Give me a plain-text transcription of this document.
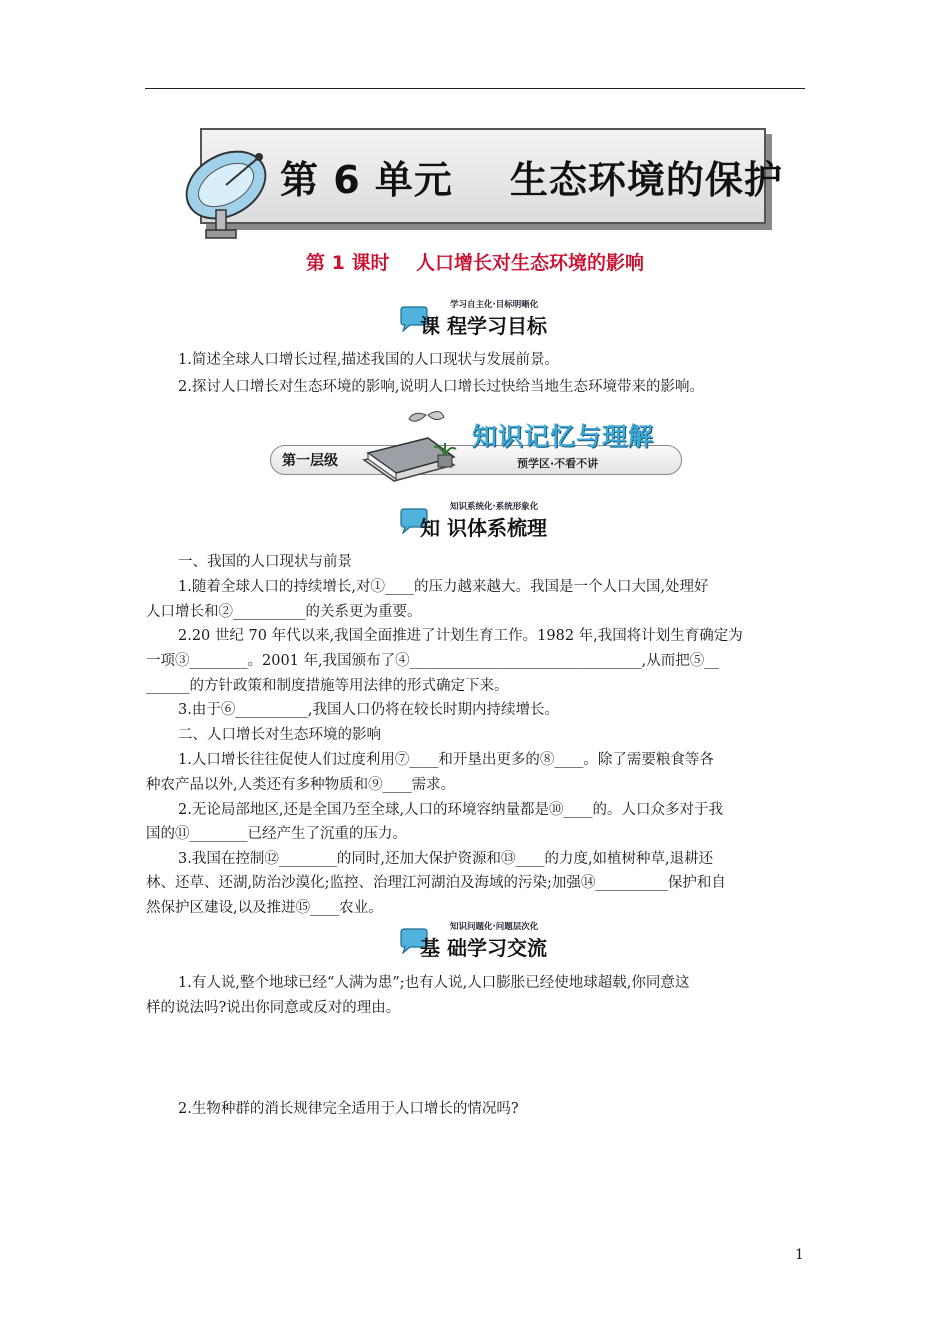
第 6 单元    生态环境的保护
第 1 课时    人口增长对生态环境的影响
学习自主化·目标明晰化
课 程学习目标
1.简述全球人口增长过程,描述我国的人口现状与发展前景。
2.探讨人口增长对生态环境的影响,说明人口增长过快给当地生态环境带来的影响。
第一层级
知识记忆与理解
预学区·不看不讲
知识系统化·系统形象化
知 识体系梳理
一、我国的人口现状与前景
1.随着全球人口的持续增长,对①____的压力越来越大。我国是一个人口大国,处理好
人口增长和②__________的关系更为重要。
2.20 世纪 70 年代以来,我国全面推进了计划生育工作。1982 年,我国将计划生育确定为
一项③________。2001 年,我国颁布了④________________________________,从而把⑤__
______的方针政策和制度措施等用法律的形式确定下来。
3.由于⑥__________,我国人口仍将在较长时期内持续增长。
二、人口增长对生态环境的影响
1.人口增长往往促使人们过度利用⑦____和开垦出更多的⑧____。除了需要粮食等各
种农产品以外,人类还有多种物质和⑨____需求。
2.无论局部地区,还是全国乃至全球,人口的环境容纳量都是⑩____的。人口众多对于我
国的⑪________已经产生了沉重的压力。
3.我国在控制⑫________的同时,还加大保护资源和⑬____的力度,如植树种草,退耕还
林、还草、还湖,防治沙漠化;监控、治理江河湖泊及海域的污染;加强⑭__________保护和自
然保护区建设,以及推进⑮____农业。
知识问题化·问题层次化
基 础学习交流
1.有人说,整个地球已经“人满为患”;也有人说,人口膨胀已经使地球超载,你同意这
样的说法吗?说出你同意或反对的理由。
2.生物种群的消长规律完全适用于人口增长的情况吗?
1
